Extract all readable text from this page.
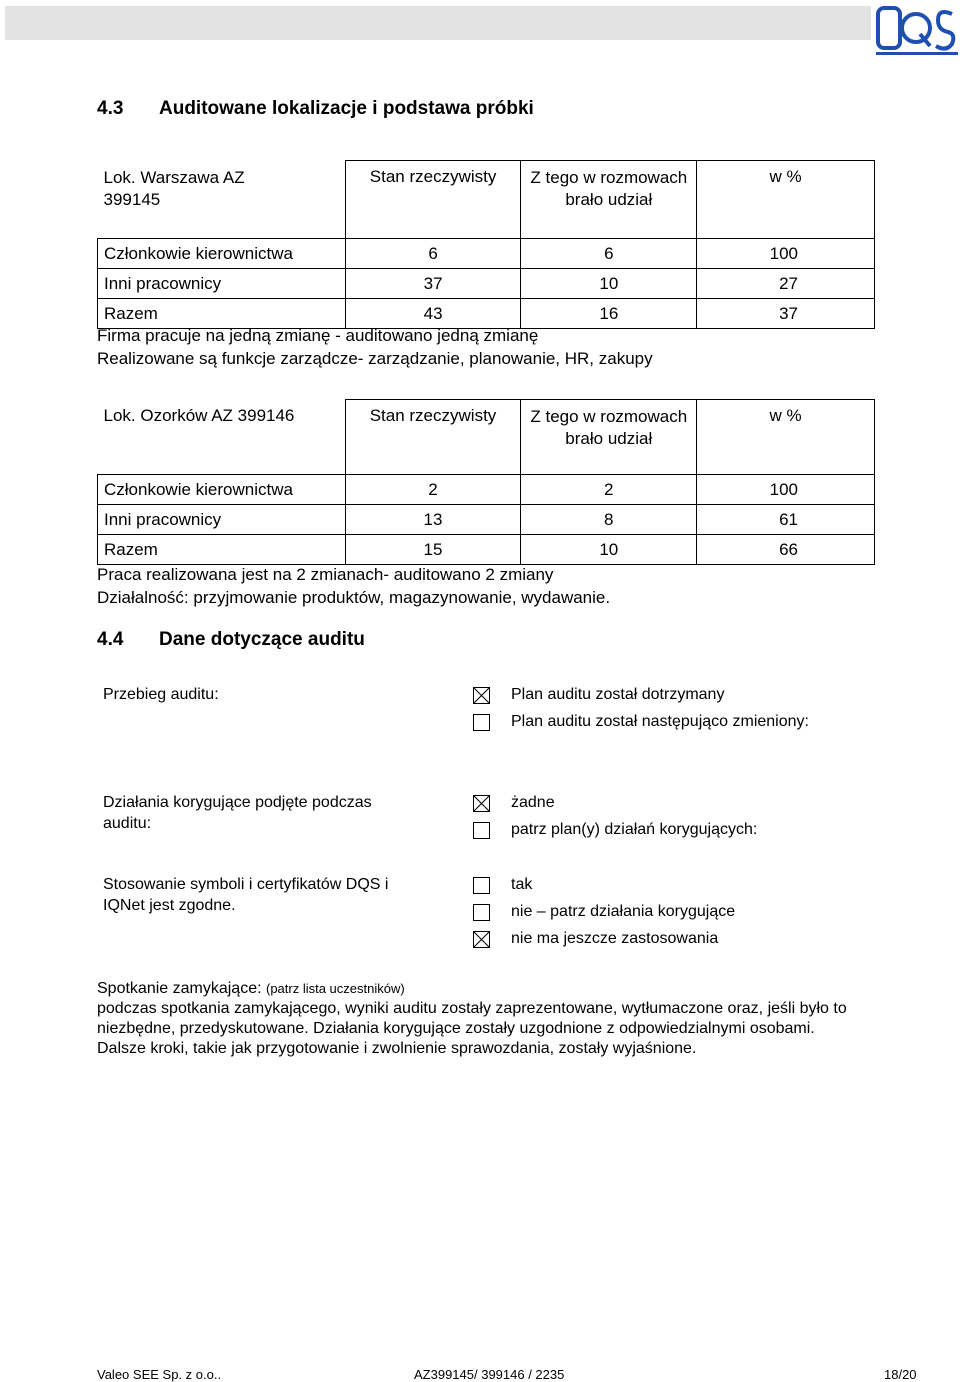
4.3 Auditowane lokalizacje i podstawa próbki
Lok. Warszawa AZ 399145	Stan rzeczywisty	Z tego w rozmowach brało udział	w %
Członkowie kierownictwa	6	6	100
Inni pracownicy	37	10	27
Razem	43	16	37
Firma pracuje na jedną zmianę - auditowano jedną zmianę
Realizowane są funkcje zarządcze- zarządzanie, planowanie, HR, zakupy
Lok. Ozorków AZ 399146	Stan rzeczywisty	Z tego w rozmowach brało udział	w %
Członkowie kierownictwa	2	2	100
Inni pracownicy	13	8	61
Razem	15	10	66
Praca realizowana jest na 2 zmianach- auditowano 2 zmiany
Działalność: przyjmowanie produktów, magazynowanie, wydawanie.
4.4 Dane dotyczące auditu
Przebieg auditu:	Plan auditu został dotrzymany
Plan auditu został następująco zmieniony:
Działania korygujące podjęte podczas auditu:
żadne
patrz plan(y) działań korygujących:
Stosowanie symboli i certyfikatów DQS i IQNet jest zgodne.
tak
nie – patrz działania korygujące
nie ma jeszcze zastosowania
Spotkanie zamykające: (patrz lista uczestników)
podczas spotkania zamykającego, wyniki auditu zostały zaprezentowane, wytłumaczone oraz, jeśli było to
niezbędne, przedyskutowane. Działania korygujące zostały uzgodnione z odpowiedzialnymi osobami.
Dalsze kroki, takie jak przygotowanie i zwolnienie sprawozdania, zostały wyjaśnione.
Valeo SEE Sp. z o.o..	AZ399145/ 399146 / 2235	18/20
